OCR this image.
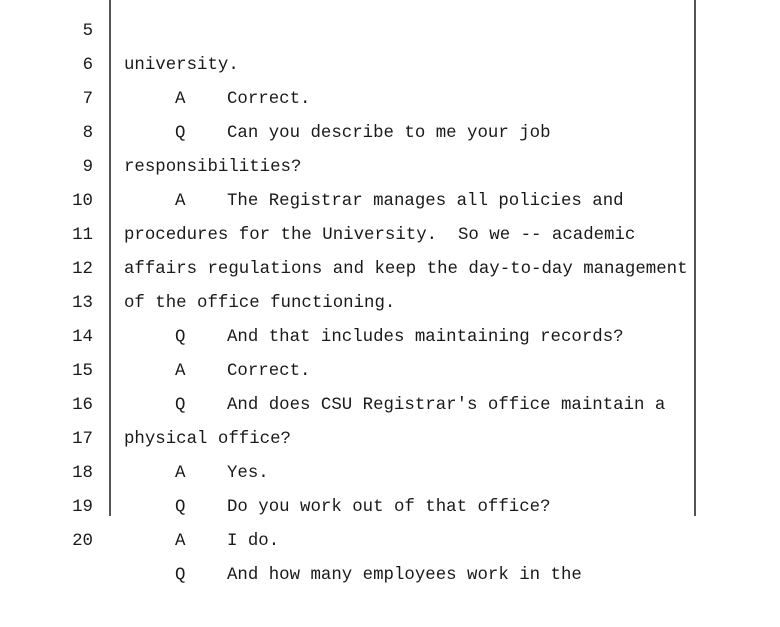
5

university.

6

A Correct.

7

Q Can you describe to me your job

8

responsibilities?

9

A The Registrar manages all policies and

10

procedures for the University.  So we -- academic

11

affairs regulations and keep the day-to-day management

12

of the office functioning.

13

Q And that includes maintaining records?

14

A Correct.

15

Q And does CSU Registrar's office maintain a

16

physical office?

17

A Yes.

18

Q Do you work out of that office?

19

A I do.

20

Q And how many employees work in the
